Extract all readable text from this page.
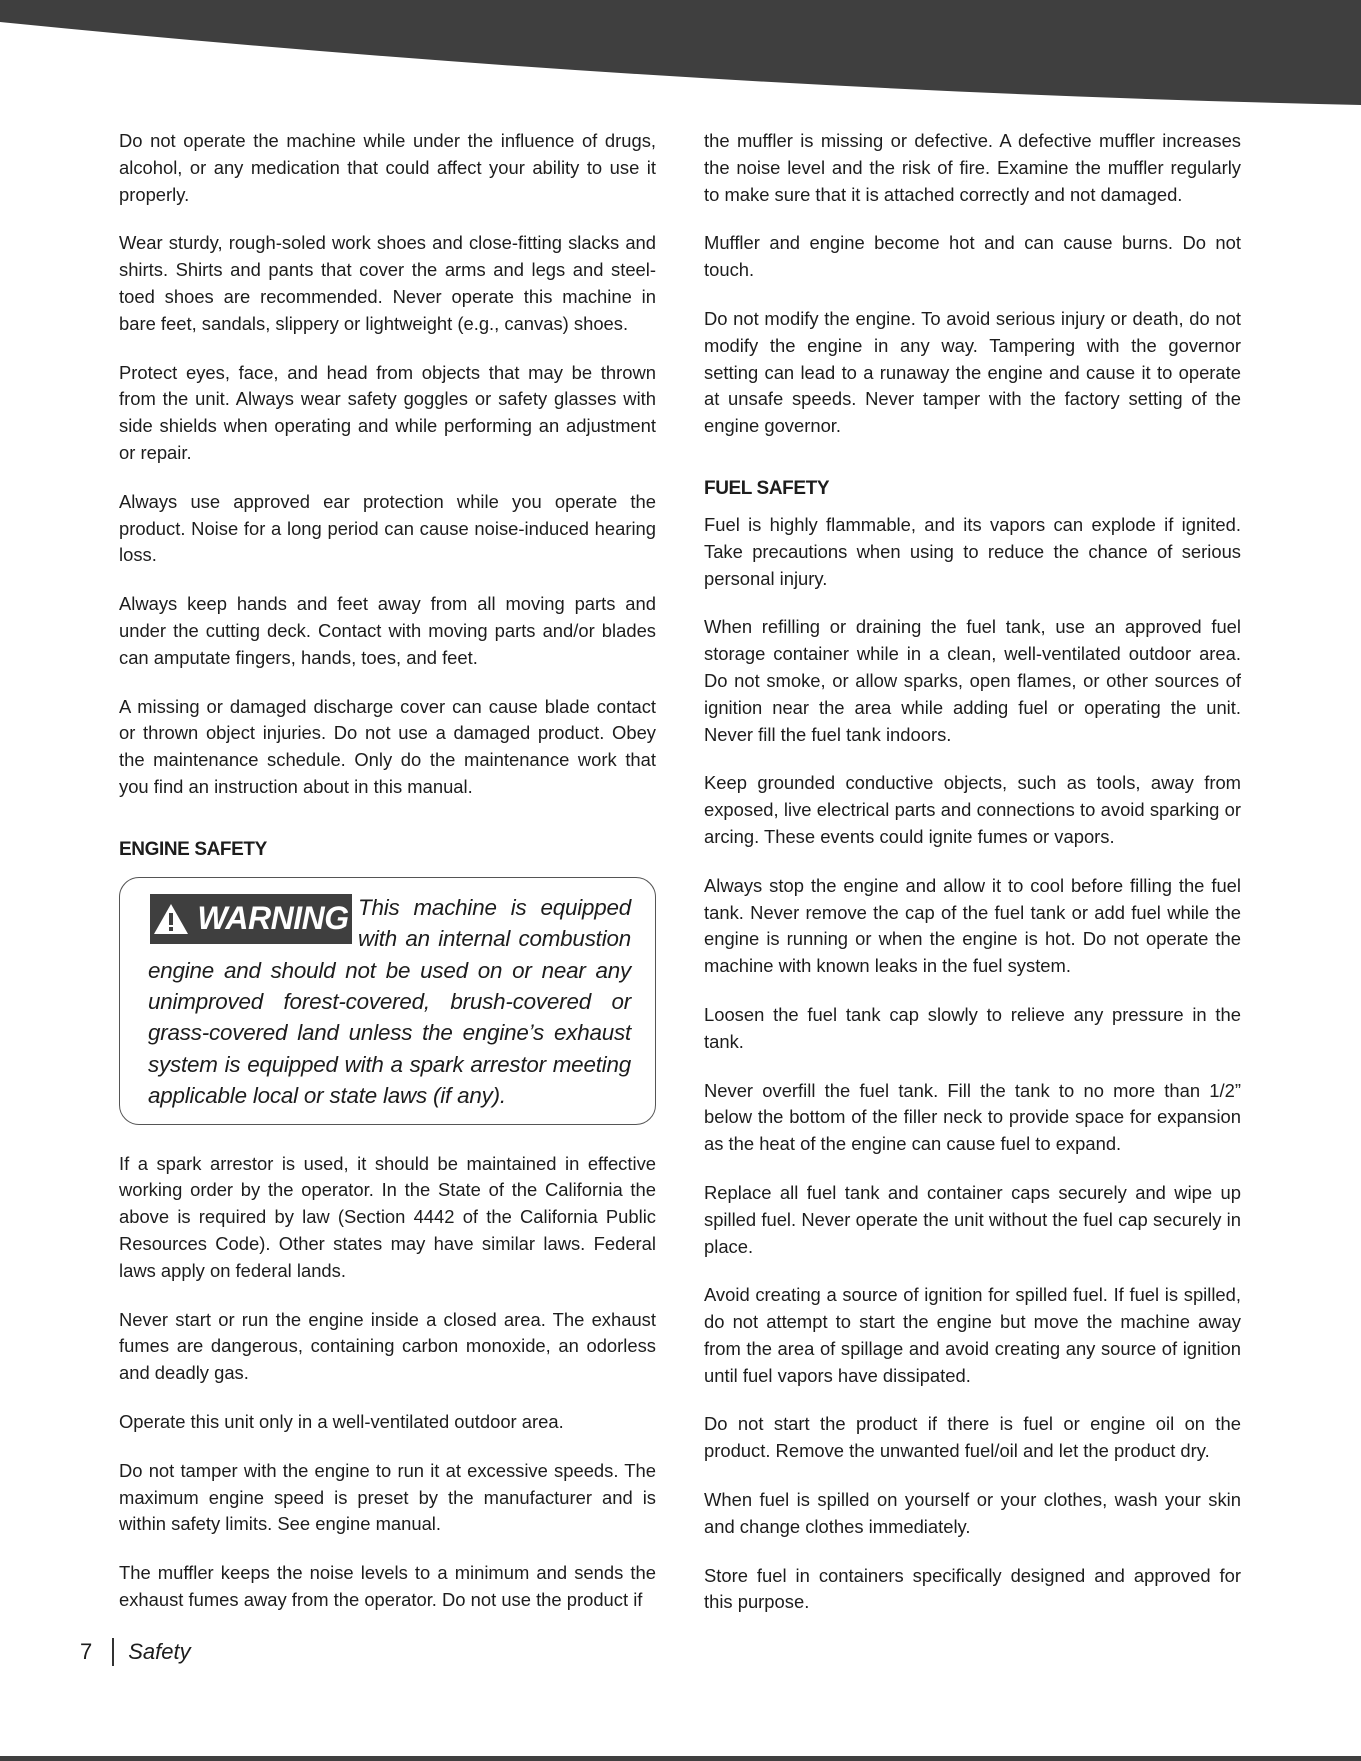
Do not operate the machine while under the influence of drugs, alcohol, or any medication that could affect your ability to use it properly.

Wear sturdy, rough-soled work shoes and close-fitting slacks and shirts. Shirts and pants that cover the arms and legs and steel-toed shoes are recommended. Never operate this machine in bare feet, sandals, slippery or lightweight (e.g., canvas) shoes.

Protect eyes, face, and head from objects that may be thrown from the unit. Always wear safety goggles or safety glasses with side shields when operating and while performing an adjustment or repair.

Always use approved ear protection while you operate the product. Noise for a long period can cause noise-induced hearing loss.

Always keep hands and feet away from all moving parts and under the cutting deck. Contact with moving parts and/or blades can amputate fingers, hands, toes, and feet.

A missing or damaged discharge cover can cause blade contact or thrown object injuries. Do not use a damaged product. Obey the maintenance schedule. Only do the maintenance work that you find an instruction about in this manual.

ENGINE SAFETY
WARNING This machine is equipped with an internal combustion engine and should not be used on or near any unimproved forest-covered, brush-covered or grass-covered land unless the engine’s exhaust system is equipped with a spark arrestor meeting applicable local or state laws (if any).

If a spark arrestor is used, it should be maintained in effective working order by the operator. In the State of the California the above is required by law (Section 4442 of the California Public Resources Code). Other states may have similar laws. Federal laws apply on federal lands.

Never start or run the engine inside a closed area. The exhaust fumes are dangerous, containing carbon monoxide, an odorless and deadly gas.

Operate this unit only in a well-ventilated outdoor area.

Do not tamper with the engine to run it at excessive speeds. The maximum engine speed is preset by the manufacturer and is within safety limits. See engine manual.

The muffler keeps the noise levels to a minimum and sends the exhaust fumes away from the operator. Do not use the product if

the muffler is missing or defective. A defective muffler increases the noise level and the risk of fire. Examine the muffler regularly to make sure that it is attached correctly and not damaged.

Muffler and engine become hot and can cause burns. Do not touch.

Do not modify the engine. To avoid serious injury or death, do not modify the engine in any way. Tampering with the governor setting can lead to a runaway the engine and cause it to operate at unsafe speeds. Never tamper with the factory setting of the engine governor.

FUEL SAFETY

Fuel is highly flammable, and its vapors can explode if ignited. Take precautions when using to reduce the chance of serious personal injury.

When refilling or draining the fuel tank, use an approved fuel storage container while in a clean, well-ventilated outdoor area. Do not smoke, or allow sparks, open flames, or other sources of ignition near the area while adding fuel or operating the unit. Never fill the fuel tank indoors.

Keep grounded conductive objects, such as tools, away from exposed, live electrical parts and connections to avoid sparking or arcing. These events could ignite fumes or vapors.

Always stop the engine and allow it to cool before filling the fuel tank. Never remove the cap of the fuel tank or add fuel while the engine is running or when the engine is hot. Do not operate the machine with known leaks in the fuel system.

Loosen the fuel tank cap slowly to relieve any pressure in the tank.

Never overfill the fuel tank. Fill the tank to no more than 1/2” below the bottom of the filler neck to provide space for expansion as the heat of the engine can cause fuel to expand.

Replace all fuel tank and container caps securely and wipe up spilled fuel. Never operate the unit without the fuel cap securely in place.

Avoid creating a source of ignition for spilled fuel. If fuel is spilled, do not attempt to start the engine but move the machine away from the area of spillage and avoid creating any source of ignition until fuel vapors have dissipated.

Do not start the product if there is fuel or engine oil on the product. Remove the unwanted fuel/oil and let the product dry.

When fuel is spilled on yourself or your clothes, wash your skin and change clothes immediately.

Store fuel in containers specifically designed and approved for this purpose.

7 Safety
